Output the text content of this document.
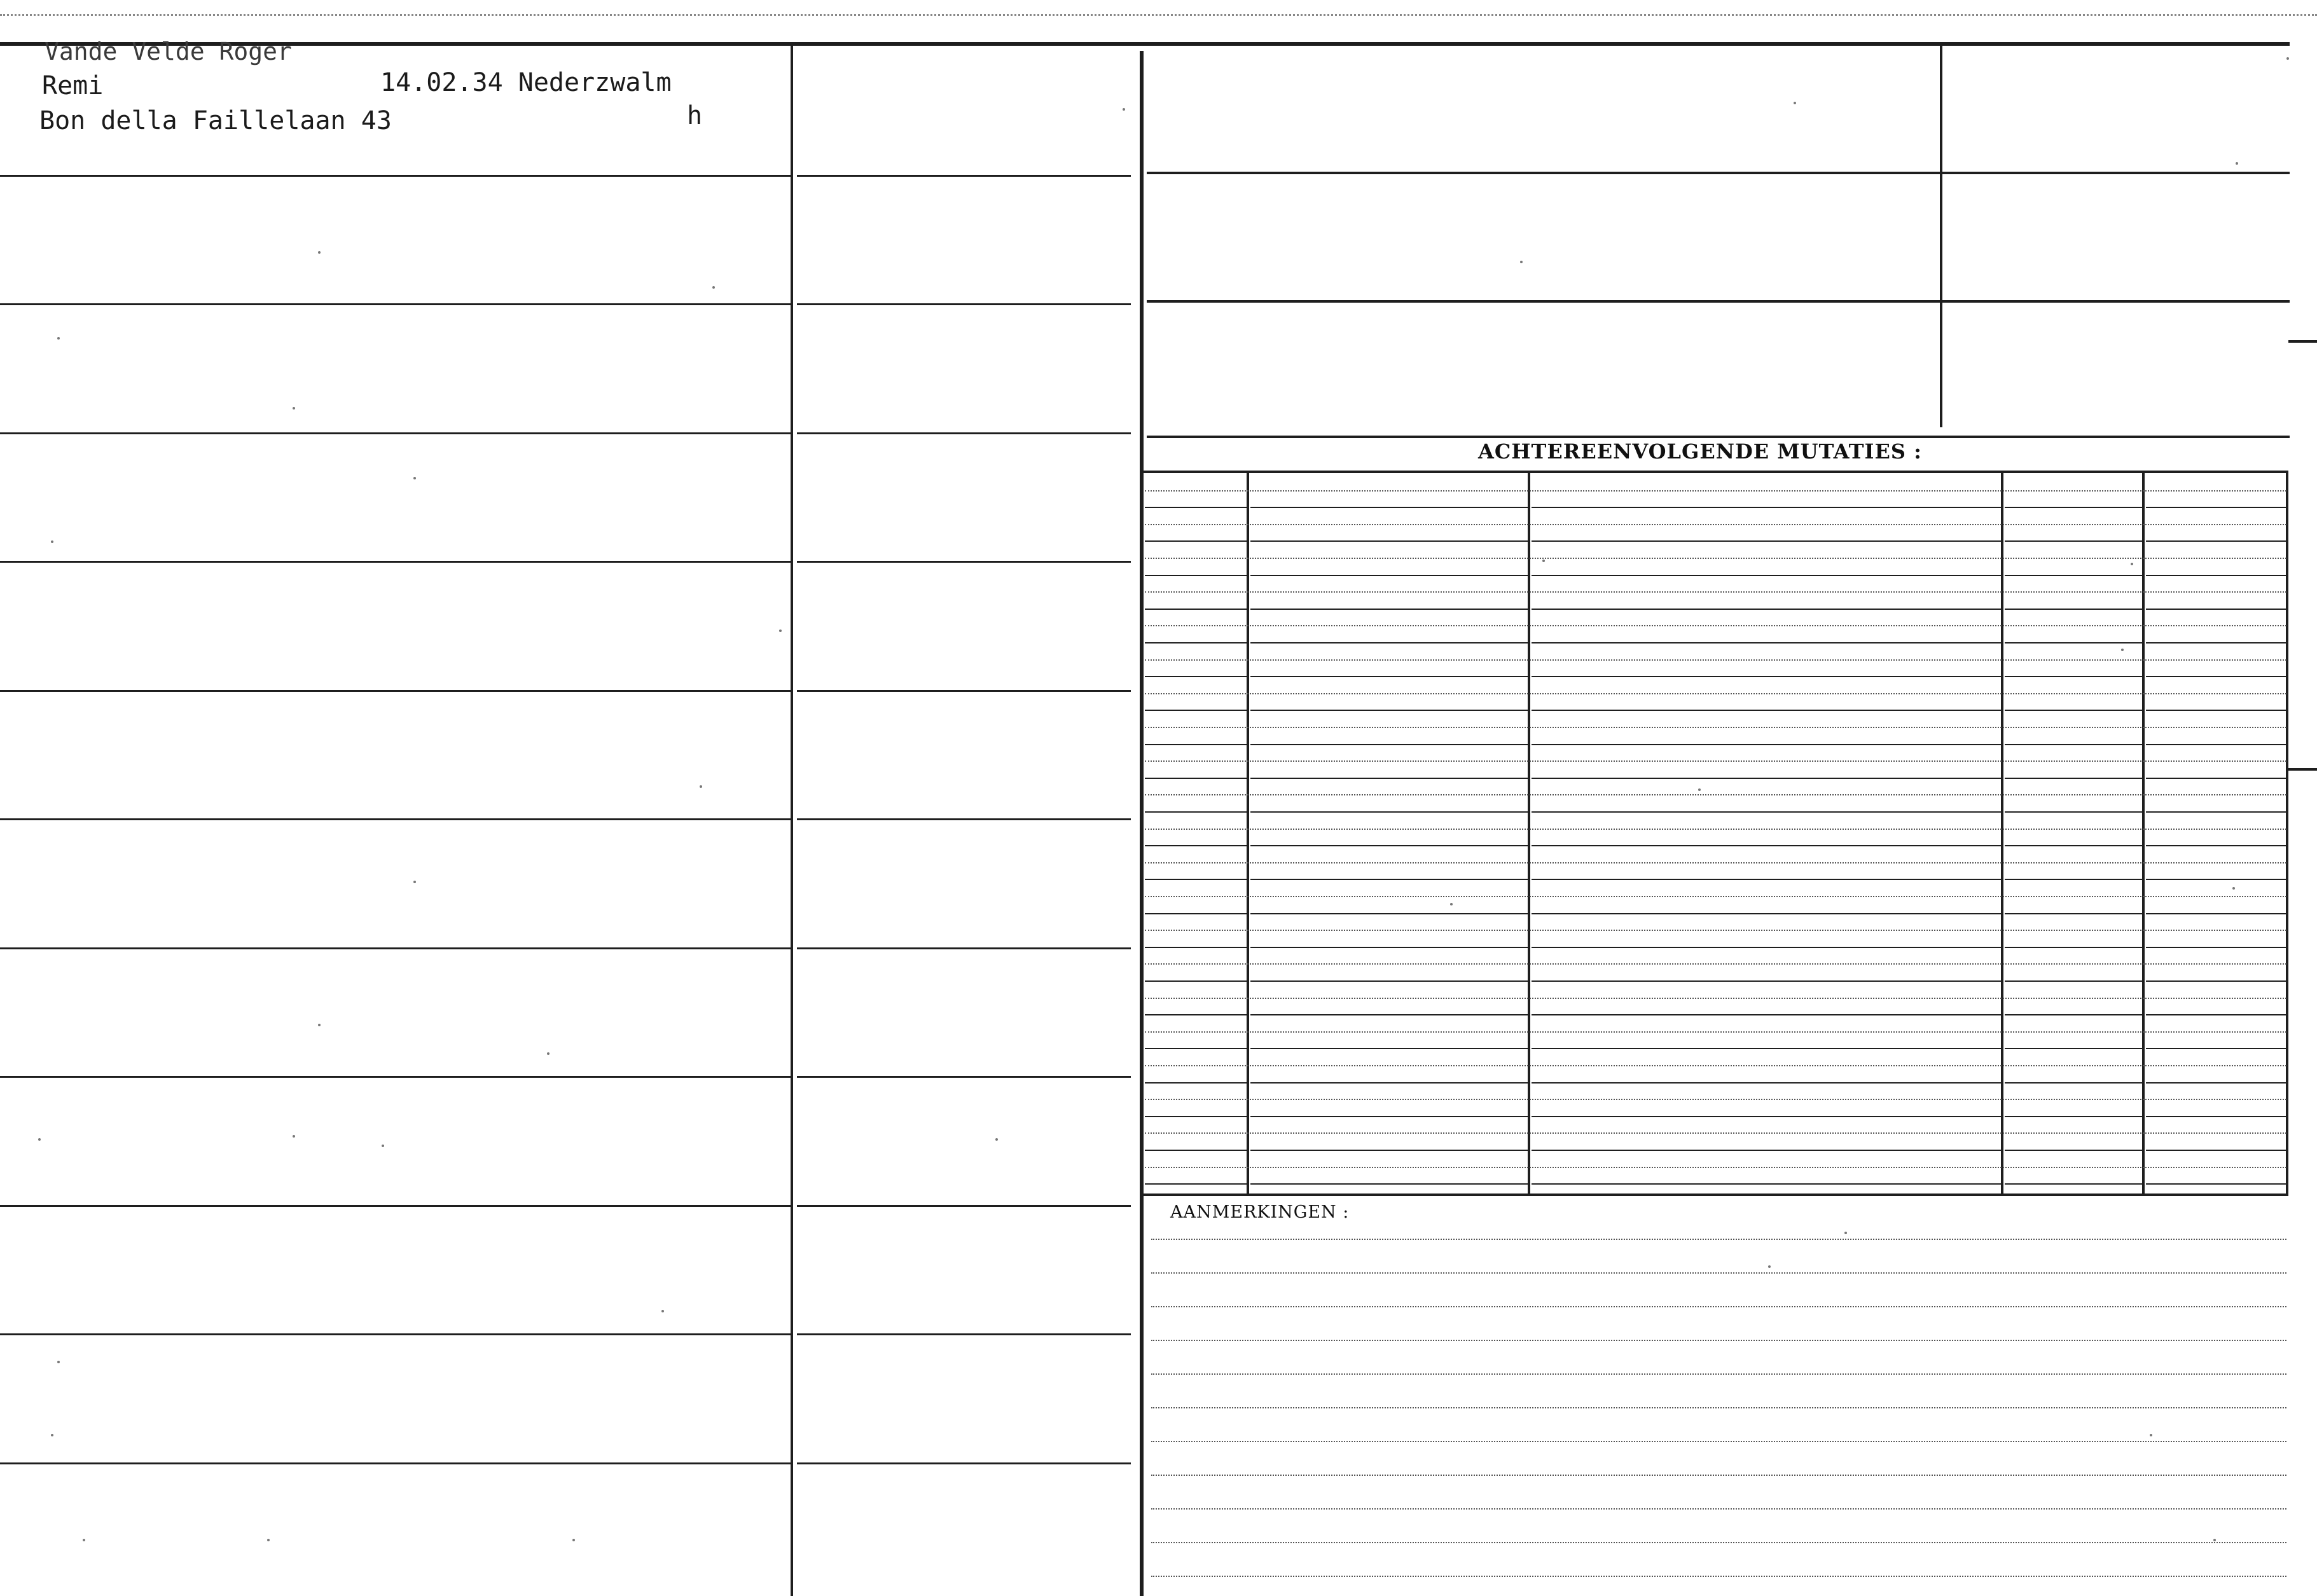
Vande Velde Roger
Remi	14.02.34 Nederzwalm
Bon della Faillelaan 43	h
ACHTEREENVOLGENDE MUTATIES :
AANMERKINGEN :
